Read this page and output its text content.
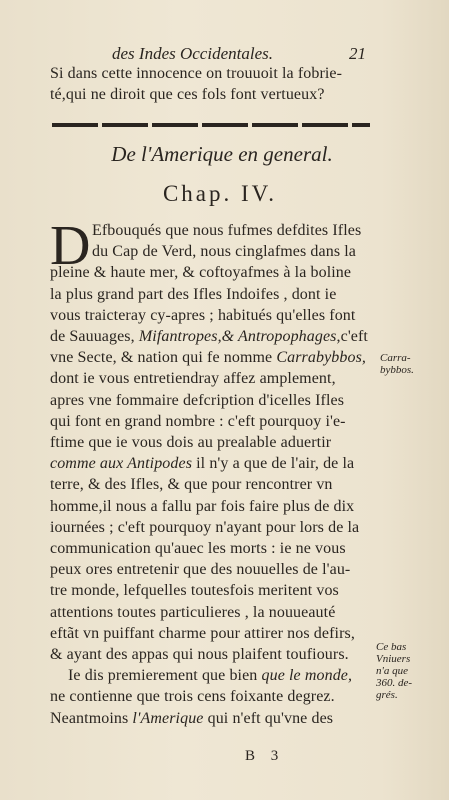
des Indes Occidentales.	21
Si dans cette innocence on trouuoit la fobrie-
té,qui ne diroit que ces fols font vertueux?
De l'Amerique en general.
Chap. IV.
D Efbouqués que nous fufmes defdites Ifles
du Cap de Verd, nous cinglafmes dans la
pleine & haute mer, & coftoyafmes à la boline
la plus grand part des Ifles Indoifes , dont ie
vous traicteray cy-apres ; habitués qu'elles font
de Sauuages, Mifantropes,& Antropophages,c'eft
vne Secte, & nation qui fe nomme Carrabybbos,
dont ie vous entretiendray affez amplement,
apres vne fommaire defcription d'icelles Ifles
qui font en grand nombre : c'eft pourquoy i'e-
ftime que ie vous dois au prealable aduertir
comme aux Antipodes il n'y a que de l'air, de la
terre, & des Ifles, & que pour rencontrer vn
homme,il nous a fallu par fois faire plus de dix
iournées ; c'eft pourquoy n'ayant pour lors de la
communication qu'auec les morts : ie ne vous
peux ores entretenir que des nouuelles de l'au-
tre monde, lefquelles toutesfois meritent vos
attentions toutes particulieres , la nouueauté
eftãt vn puiffant charme pour attirer nos defirs,
& ayant des appas qui nous plaifent toufiours.
Ie dis premierement que bien que le monde,
ne contienne que trois cens foixante degrez.
Neantmoins l'Amerique qui n'eft qu'vne des
Carra-
bybbos.
Ce bas
Vniuers
n'a que
360. de-
grés.
B 3
